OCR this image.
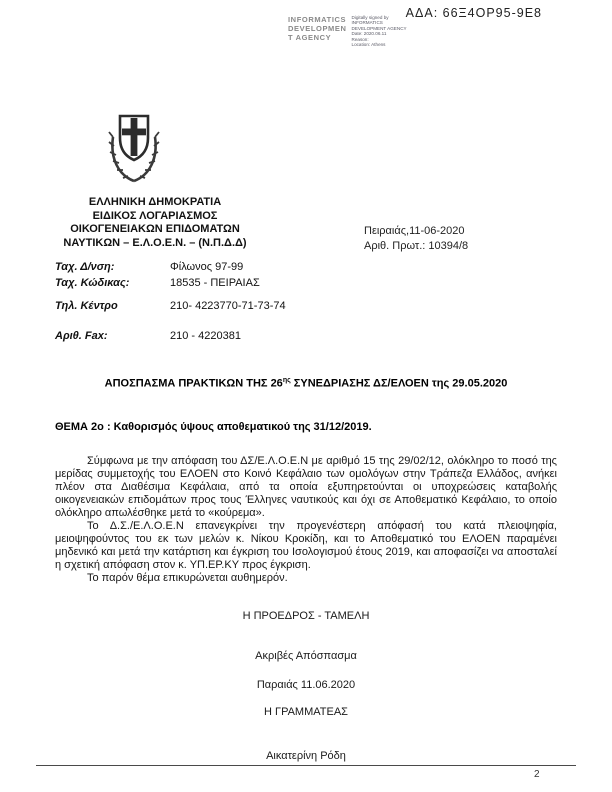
ΑΔΑ: 66Ξ4ΟΡ95-9Ε8
INFORMATICS
DEVELOPMEN
T AGENCY
Digitally signed by
INFORMATICS
DEVELOPMENT AGENCY
Date: 2020.06.11
Reason:
Location: Athens
ΕΛΛΗΝΙΚΗ ΔΗΜΟΚΡΑΤΙΑ
ΕΙΔΙΚΟΣ ΛΟΓΑΡΙΑΣΜΟΣ
ΟΙΚΟΓΕΝΕΙΑΚΩΝ ΕΠΙΔΟΜΑΤΩΝ
ΝΑΥΤΙΚΩΝ – Ε.Λ.Ο.Ε.Ν. – (Ν.Π.Δ.Δ)
Πειραιάς,11-06-2020
Αριθ. Πρωτ.: 10394/8
Ταχ. Δ/νση:	Φίλωνος 97-99
Ταχ. Κώδικας:	18535 - ΠΕΙΡΑΙΑΣ
Τηλ. Κέντρο	210- 4223770-71-73-74
Αριθ. Fax:	210 - 4220381
ΑΠΟΣΠΑΣΜΑ ΠΡΑΚΤΙΚΩΝ ΤΗΣ $26^{\eta\varsigma}$ ΣΥΝΕΔΡΙΑΣΗΣ ΔΣ/ΕΛΟΕΝ της 29.05.2020
ΘΕΜΑ 2ο : Καθορισμός ύψους αποθεματικού της 31/12/2019.

Σύμφωνα με την απόφαση του ΔΣ/Ε.Λ.Ο.Ε.Ν με αριθμό 15 της 29/02/12, ολόκληρο το ποσό της μερίδας συμμετοχής του ΕΛΟΕΝ στο Κοινό Κεφάλαιο των ομολόγων στην Τράπεζα Ελλάδος, ανήκει πλέον στα Διαθέσιμα Κεφάλαια, από τα οποία εξυπηρετούνται οι υποχρεώσεις καταβολής οικογενειακών επιδομάτων προς τους Έλληνες ναυτικούς και όχι σε Αποθεματικό Κεφάλαιο, το οποίο ολόκληρο απωλέσθηκε μετά το «κούρεμα».

Το Δ.Σ./Ε.Λ.Ο.Ε.Ν επανεγκρίνει την προγενέστερη απόφασή του κατά πλειοψηφία, μειοψηφούντος του εκ των μελών κ. Νίκου Κροκίδη, και το Αποθεματικό του ΕΛΟΕΝ παραμένει μηδενικό και μετά την κατάρτιση και έγκριση του Ισολογισμού έτους 2019, και αποφασίζει να αποσταλεί η σχετική απόφαση στον κ. ΥΠ.ΕΡ.ΚΥ προς έγκριση.

Το παρόν θέμα επικυρώνεται αυθημερόν.

Η ΠΡΟΕΔΡΟΣ - ΤΑΜΕΛΗ
Ακριβές Απόσπασμα
Παραιάς 11.06.2020
Η ΓΡΑΜΜΑΤΕΑΣ
Αικατερίνη Ρόδη
2
